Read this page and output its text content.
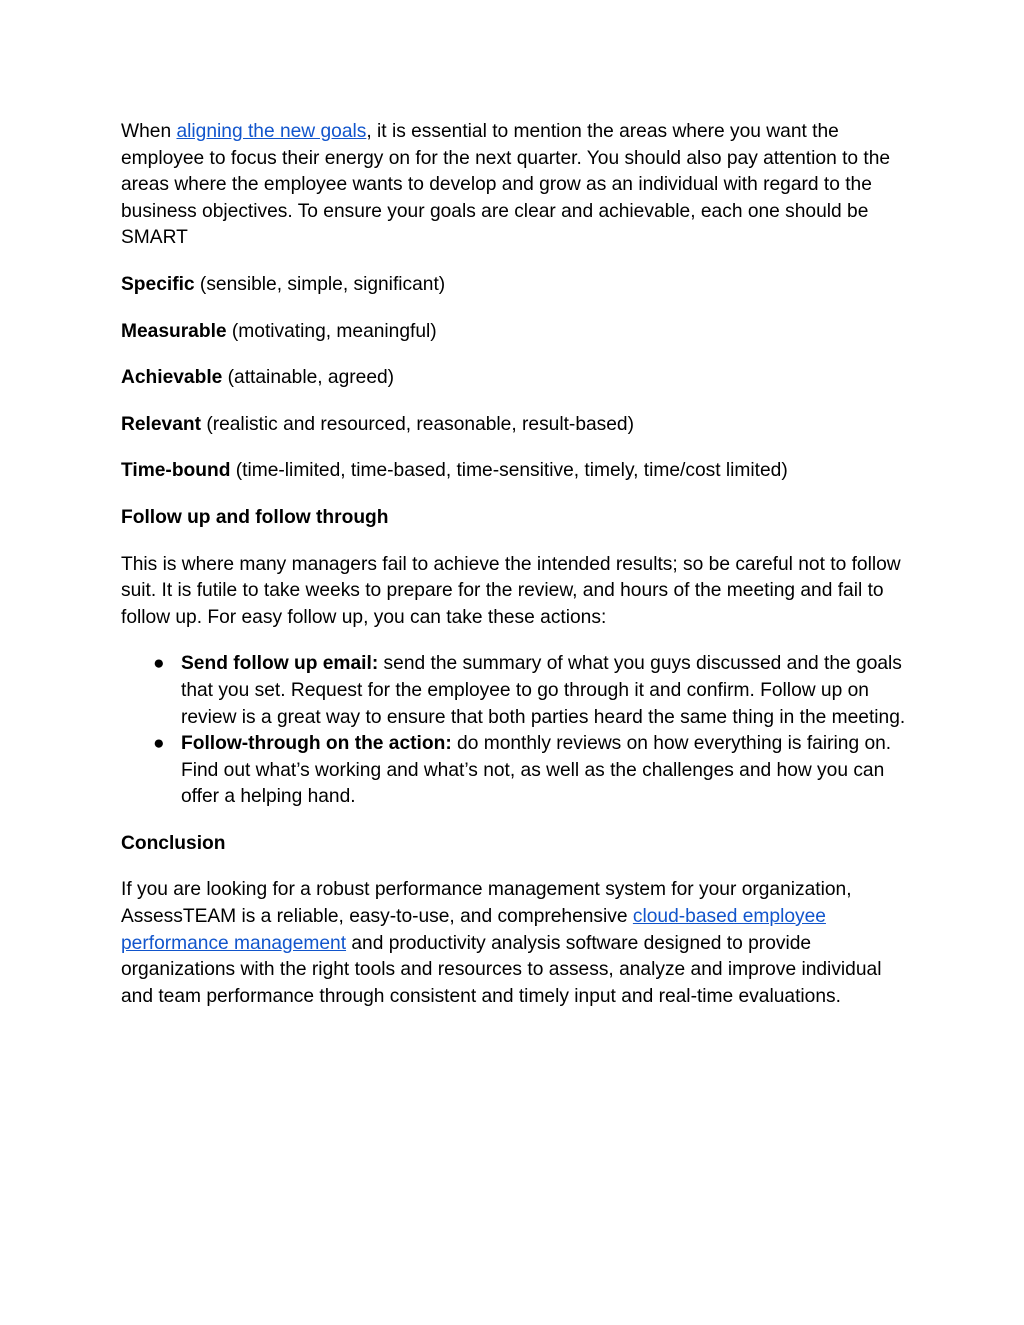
When aligning the new goals, it is essential to mention the areas where you want the employee to focus their energy on for the next quarter. You should also pay attention to the areas where the employee wants to develop and grow as an individual with regard to the business objectives. To ensure your goals are clear and achievable, each one should be SMART

Specific (sensible, simple, significant)

Measurable (motivating, meaningful)

Achievable (attainable, agreed)

Relevant (realistic and resourced, reasonable, result-based)

Time-bound (time-limited, time-based, time-sensitive, timely, time/cost limited)

Follow up and follow through

This is where many managers fail to achieve the intended results; so be careful not to follow suit. It is futile to take weeks to prepare for the review, and hours of the meeting and fail to follow up. For easy follow up, you can take these actions:

● Send follow up email: send the summary of what you guys discussed and the goals that you set. Request for the employee to go through it and confirm. Follow up on review is a great way to ensure that both parties heard the same thing in the meeting.
● Follow-through on the action: do monthly reviews on how everything is fairing on. Find out what’s working and what’s not, as well as the challenges and how you can offer a helping hand.

Conclusion

If you are looking for a robust performance management system for your organization, AssessTEAM is a reliable, easy-to-use, and comprehensive cloud-based employee performance management and productivity analysis software designed to provide organizations with the right tools and resources to assess, analyze and improve individual and team performance through consistent and timely input and real-time evaluations.
